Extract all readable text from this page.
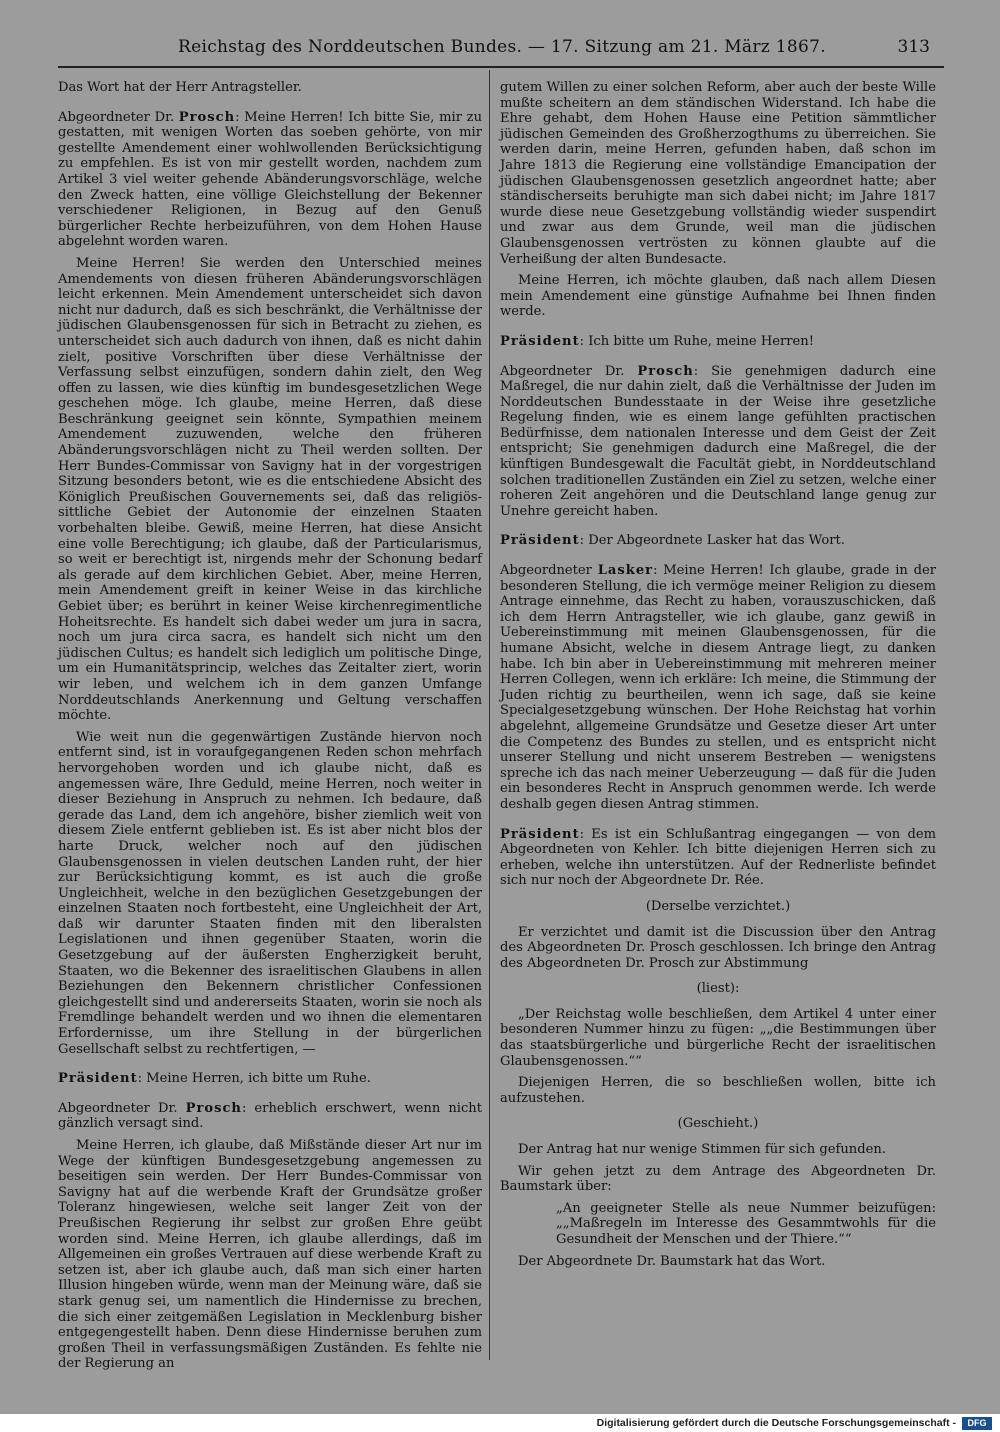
Reichstag des Norddeutschen Bundes. — 17. Sitzung am 21. März 1867.	313

Das Wort hat der Herr Antragsteller.

Abgeordneter Dr. Prosch: Meine Herren! Ich bitte Sie, mir zu gestatten, mit wenigen Worten das soeben gehörte, von mir gestellte Amendement einer wohlwollenden Berücksichtigung zu empfehlen. Es ist von mir gestellt worden, nachdem zum Artikel 3 viel weiter gehende Abänderungsvorschläge, welche den Zweck hatten, eine völlige Gleichstellung der Bekenner verschiedener Religionen, in Bezug auf den Genuß bürgerlicher Rechte herbeizuführen, von dem Hohen Hause abgelehnt worden waren.

Meine Herren! Sie werden den Unterschied meines Amendements von diesen früheren Abänderungsvorschlägen leicht erkennen. Mein Amendement unterscheidet sich davon nicht nur dadurch, daß es sich beschränkt, die Verhältnisse der jüdischen Glaubensgenossen für sich in Betracht zu ziehen, es unterscheidet sich auch dadurch von ihnen, daß es nicht dahin zielt, positive Vorschriften über diese Verhältnisse der Verfassung selbst einzufügen, sondern dahin zielt, den Weg offen zu lassen, wie dies künftig im bundesgesetzlichen Wege geschehen möge. Ich glaube, meine Herren, daß diese Beschränkung geeignet sein könnte, Sympathien meinem Amendement zuzuwenden, welche den früheren Abänderungsvorschlägen nicht zu Theil werden sollten. Der Herr Bundes-Commissar von Savigny hat in der vorgestrigen Sitzung besonders betont, wie es die entschiedene Absicht des Königlich Preußischen Gouvernements sei, daß das religiös-sittliche Gebiet der Autonomie der einzelnen Staaten vorbehalten bleibe. Gewiß, meine Herren, hat diese Ansicht eine volle Berechtigung; ich glaube, daß der Particularismus, so weit er berechtigt ist, nirgends mehr der Schonung bedarf als gerade auf dem kirchlichen Gebiet. Aber, meine Herren, mein Amendement greift in keiner Weise in das kirchliche Gebiet über; es berührt in keiner Weise kirchenregimentliche Hoheitsrechte. Es handelt sich dabei weder um jura in sacra, noch um jura circa sacra, es handelt sich nicht um den jüdischen Cultus; es handelt sich lediglich um politische Dinge, um ein Humanitätsprincip, welches das Zeitalter ziert, worin wir leben, und welchem ich in dem ganzen Umfange Norddeutschlands Anerkennung und Geltung verschaffen möchte.

Wie weit nun die gegenwärtigen Zustände hiervon noch entfernt sind, ist in voraufgegangenen Reden schon mehrfach hervorgehoben worden und ich glaube nicht, daß es angemessen wäre, Ihre Geduld, meine Herren, noch weiter in dieser Beziehung in Anspruch zu nehmen. Ich bedaure, daß gerade das Land, dem ich angehöre, bisher ziemlich weit von diesem Ziele entfernt geblieben ist. Es ist aber nicht blos der harte Druck, welcher noch auf den jüdischen Glaubensgenossen in vielen deutschen Landen ruht, der hier zur Berücksichtigung kommt, es ist auch die große Ungleichheit, welche in den bezüglichen Gesetzgebungen der einzelnen Staaten noch fortbesteht, eine Ungleichheit der Art, daß wir darunter Staaten finden mit den liberalsten Legislationen und ihnen gegenüber Staaten, worin die Gesetzgebung auf der äußersten Engherzigkeit beruht, Staaten, wo die Bekenner des israelitischen Glaubens in allen Beziehungen den Bekennern christlicher Confessionen gleichgestellt sind und andererseits Staaten, worin sie noch als Fremdlinge behandelt werden und wo ihnen die elementaren Erfordernisse, um ihre Stellung in der bürgerlichen Gesellschaft selbst zu rechtfertigen, —

Präsident: Meine Herren, ich bitte um Ruhe.

Abgeordneter Dr. Prosch: erheblich erschwert, wenn nicht gänzlich versagt sind.

Meine Herren, ich glaube, daß Mißstände dieser Art nur im Wege der künftigen Bundesgesetzgebung angemessen zu beseitigen sein werden. Der Herr Bundes-Commissar von Savigny hat auf die werbende Kraft der Grundsätze großer Toleranz hingewiesen, welche seit langer Zeit von der Preußischen Regierung ihr selbst zur großen Ehre geübt worden sind. Meine Herren, ich glaube allerdings, daß im Allgemeinen ein großes Vertrauen auf diese werbende Kraft zu setzen ist, aber ich glaube auch, daß man sich einer harten Illusion hingeben würde, wenn man der Meinung wäre, daß sie stark genug sei, um namentlich die Hindernisse zu brechen, die sich einer zeitgemäßen Legislation in Mecklenburg bisher entgegengestellt haben. Denn diese Hindernisse beruhen zum großen Theil in verfassungsmäßigen Zuständen. Es fehlte nie der Regierung an

gutem Willen zu einer solchen Reform, aber auch der beste Wille mußte scheitern an dem ständischen Widerstand. Ich habe die Ehre gehabt, dem Hohen Hause eine Petition sämmtlicher jüdischen Gemeinden des Großherzogthums zu überreichen. Sie werden darin, meine Herren, gefunden haben, daß schon im Jahre 1813 die Regierung eine vollständige Emancipation der jüdischen Glaubensgenossen gesetzlich angeordnet hatte; aber ständischerseits beruhigte man sich dabei nicht; im Jahre 1817 wurde diese neue Gesetzgebung vollständig wieder suspendirt und zwar aus dem Grunde, weil man die jüdischen Glaubensgenossen vertrösten zu können glaubte auf die Verheißung der alten Bundesacte.

Meine Herren, ich möchte glauben, daß nach allem Diesen mein Amendement eine günstige Aufnahme bei Ihnen finden werde.

Präsident: Ich bitte um Ruhe, meine Herren!

Abgeordneter Dr. Prosch: Sie genehmigen dadurch eine Maßregel, die nur dahin zielt, daß die Verhältnisse der Juden im Norddeutschen Bundesstaate in der Weise ihre gesetzliche Regelung finden, wie es einem lange gefühlten practischen Bedürfnisse, dem nationalen Interesse und dem Geist der Zeit entspricht; Sie genehmigen dadurch eine Maßregel, die der künftigen Bundesgewalt die Facultät giebt, in Norddeutschland solchen traditionellen Zuständen ein Ziel zu setzen, welche einer roheren Zeit angehören und die Deutschland lange genug zur Unehre gereicht haben.

Präsident: Der Abgeordnete Lasker hat das Wort.

Abgeordneter Lasker: Meine Herren! Ich glaube, grade in der besonderen Stellung, die ich vermöge meiner Religion zu diesem Antrage einnehme, das Recht zu haben, vorauszuschicken, daß ich dem Herrn Antragsteller, wie ich glaube, ganz gewiß in Uebereinstimmung mit meinen Glaubensgenossen, für die humane Absicht, welche in diesem Antrage liegt, zu danken habe. Ich bin aber in Uebereinstimmung mit mehreren meiner Herren Collegen, wenn ich erkläre: Ich meine, die Stimmung der Juden richtig zu beurtheilen, wenn ich sage, daß sie keine Specialgesetzgebung wünschen. Der Hohe Reichstag hat vorhin abgelehnt, allgemeine Grundsätze und Gesetze dieser Art unter die Competenz des Bundes zu stellen, und es entspricht nicht unserer Stellung und nicht unserem Bestreben — wenigstens spreche ich das nach meiner Ueberzeugung — daß für die Juden ein besonderes Recht in Anspruch genommen werde. Ich werde deshalb gegen diesen Antrag stimmen.

Präsident: Es ist ein Schlußantrag eingegangen — von dem Abgeordneten von Kehler. Ich bitte diejenigen Herren sich zu erheben, welche ihn unterstützen. Auf der Rednerliste befindet sich nur noch der Abgeordnete Dr. Rée.

(Derselbe verzichtet.)

Er verzichtet und damit ist die Discussion über den Antrag des Abgeordneten Dr. Prosch geschlossen. Ich bringe den Antrag des Abgeordneten Dr. Prosch zur Abstimmung

(liest):

„Der Reichstag wolle beschließen, dem Artikel 4 unter einer besonderen Nummer hinzu zu fügen: „„die Bestimmungen über das staatsbürgerliche und bürgerliche Recht der israelitischen Glaubensgenossen.““

Diejenigen Herren, die so beschließen wollen, bitte ich aufzustehen.

(Geschieht.)

Der Antrag hat nur wenige Stimmen für sich gefunden.

Wir gehen jetzt zu dem Antrage des Abgeordneten Dr. Baumstark über:

„An geeigneter Stelle als neue Nummer beizufügen: „„Maßregeln im Interesse des Gesammtwohls für die Gesundheit der Menschen und der Thiere.““

Der Abgeordnete Dr. Baumstark hat das Wort.

Digitalisierung gefördert durch die Deutsche Forschungsgemeinschaft -	DFG
